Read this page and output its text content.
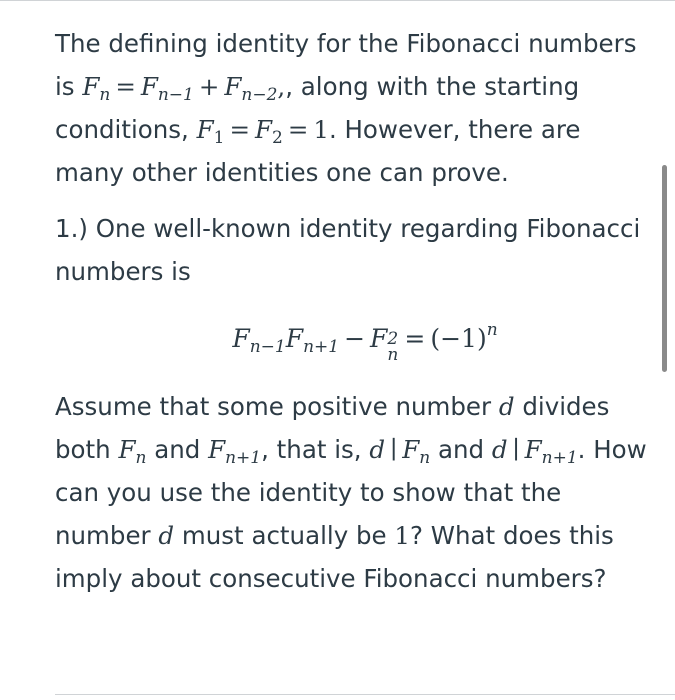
The defining identity for the Fibonacci numbers is $F_n = F_{n-1} + F_{n-2}$,, along with the starting conditions, $F_1 = F_2 = 1$. However, there are many other identities one can prove.

1.) One well-known identity regarding Fibonacci numbers is

$F_{n-1}F_{n+1} - F$ 2
n
= $(-1)^n$

Assume that some positive number d divides both $F_n$ and $F_{n+1}$, that is, d ∣ $F_n$ and d ∣ $F_{n+1}$. How can you use the identity to show that the number d must actually be 1? What does this imply about consecutive Fibonacci numbers?
